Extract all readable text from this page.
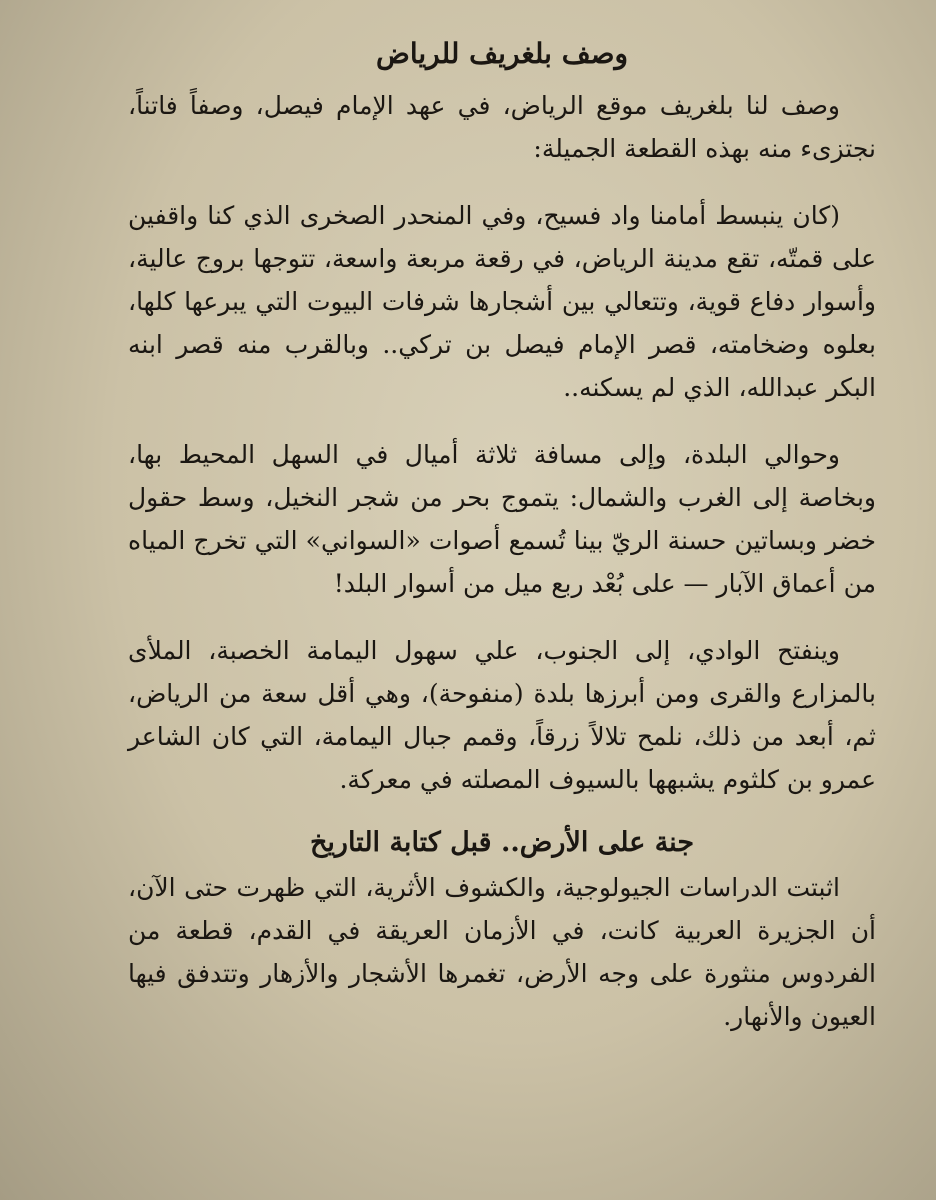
وصف بلغريف للرياض

وصف لنا بلغريف موقع الرياض، في عهد الإمام فيصل، وصفاً فاتناً، نجتزىء منه بهذه القطعة الجميلة:

(كان ينبسط أمامنا واد فسيح، وفي المنحدر الصخرى الذي كنا واقفين على قمتّه، تقع مدينة الرياض، في رقعة مربعة واسعة، تتوجها بروج عالية، وأسوار دفاع قوية، وتتعالي بين أشجارها شرفات البيوت التي يبرعها كلها، بعلوه وضخامته، قصر الإمام فيصل بن تركي.. وبالقرب منه قصر ابنه البكر عبدالله، الذي لم يسكنه..

وحوالي البلدة، وإلى مسافة ثلاثة أميال في السهل المحيط بها، وبخاصة إلى الغرب والشمال: يتموج بحر من شجر النخيل، وسط حقول خضر وبساتين حسنة الريّ بينا تُسمع أصوات «السواني» التي تخرج المياه من أعماق الآبار — على بُعْد ربع ميل من أسوار البلد!

وينفتح الوادي، إلى الجنوب، علي سهول اليمامة الخصبة، الملأى بالمزارع والقرى ومن أبرزها بلدة (منفوحة)، وهي أقل سعة من الرياض، ثم، أبعد من ذلك، نلمح تلالاً زرقاً، وقمم جبال اليمامة، التي كان الشاعر عمرو بن كلثوم يشبهها بالسيوف المصلته في معركة.

جنة على الأرض.. قبل كتابة التاريخ

اثبتت الدراسات الجيولوجية، والكشوف الأثرية، التي ظهرت حتى الآن، أن الجزيرة العربية كانت، في الأزمان العريقة في القدم، قطعة من الفردوس منثورة على وجه الأرض، تغمرها الأشجار والأزهار وتتدفق فيها العيون والأنهار.
